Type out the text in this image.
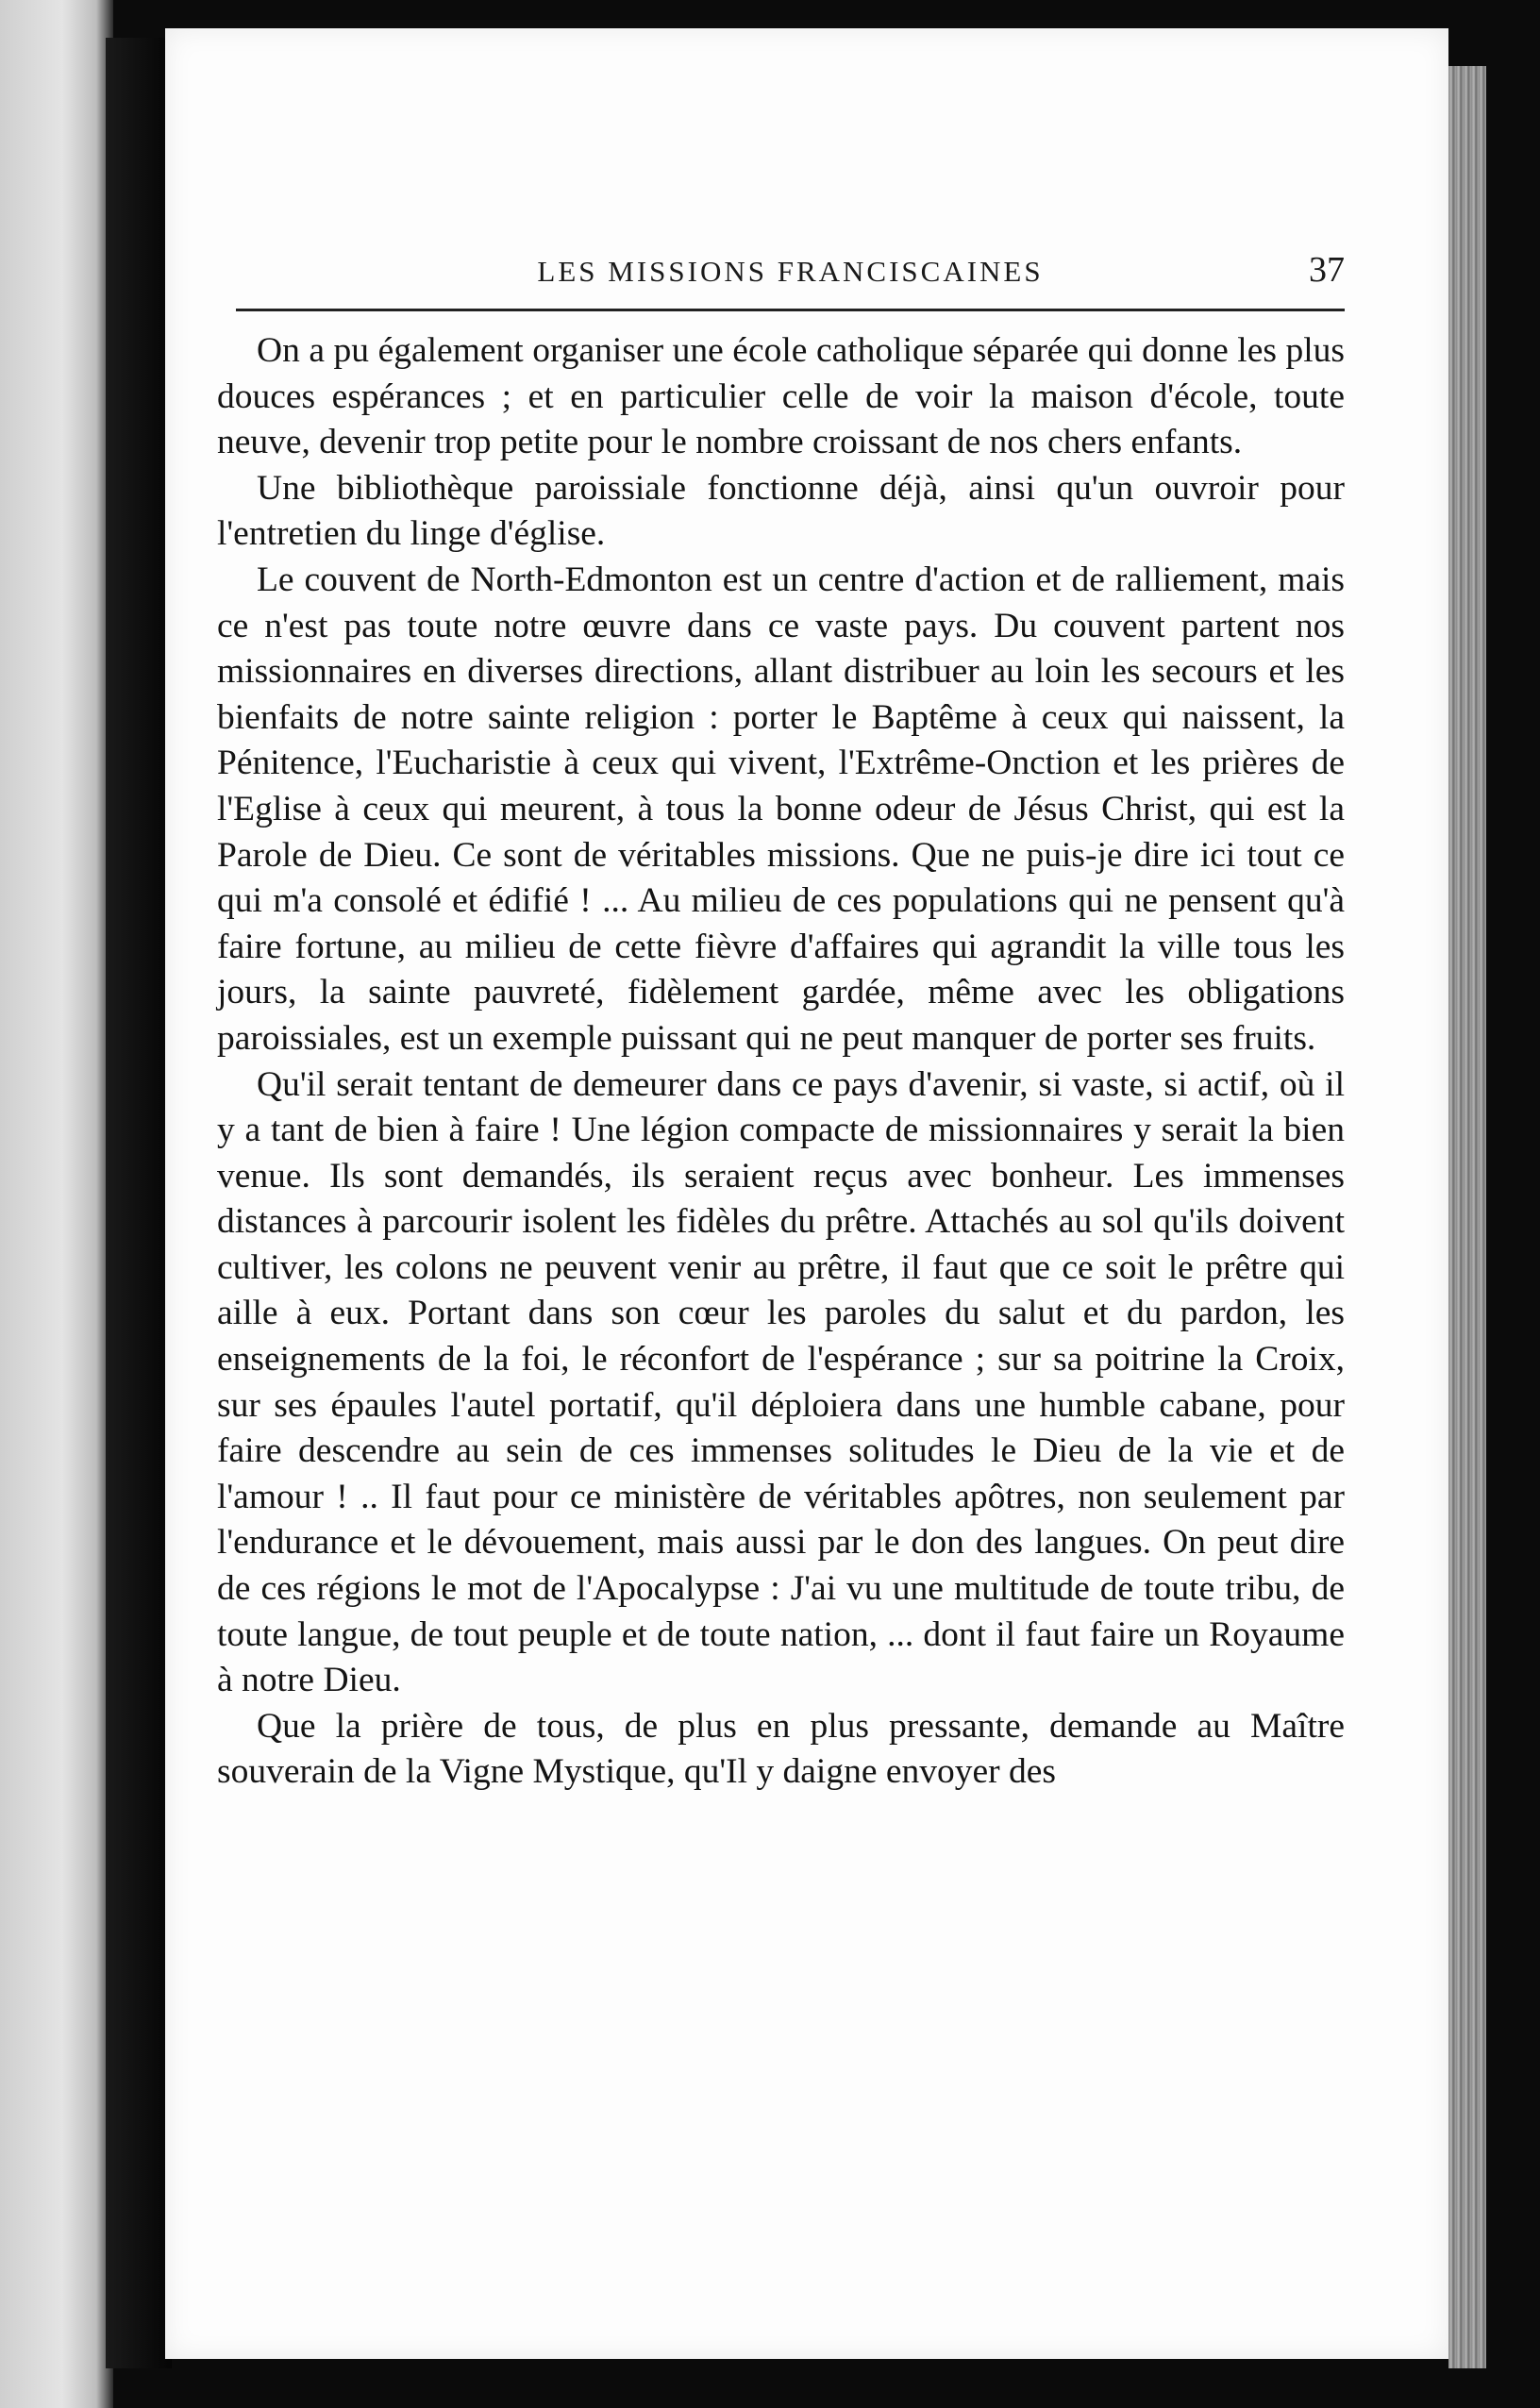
LES MISSIONS FRANCISCAINES	37

On a pu également organiser une école catholique séparée qui donne les plus douces espérances ; et en particulier celle de voir la maison d'école, toute neuve, devenir trop petite pour le nombre croissant de nos chers enfants.

Une bibliothèque paroissiale fonctionne déjà, ainsi qu'un ouvroir pour l'entretien du linge d'église.

Le couvent de North-Edmonton est un centre d'action et de ralliement, mais ce n'est pas toute notre œuvre dans ce vaste pays. Du couvent partent nos missionnaires en diverses directions, allant distribuer au loin les secours et les bienfaits de notre sainte religion : porter le Baptême à ceux qui naissent, la Pénitence, l'Eucharistie à ceux qui vivent, l'Extrême-Onction et les prières de l'Eglise à ceux qui meurent, à tous la bonne odeur de Jésus Christ, qui est la Parole de Dieu. Ce sont de véritables missions. Que ne puis-je dire ici tout ce qui m'a consolé et édifié ! ... Au milieu de ces populations qui ne pensent qu'à faire fortune, au milieu de cette fièvre d'affaires qui agrandit la ville tous les jours, la sainte pauvreté, fidèlement gardée, même avec les obligations paroissiales, est un exemple puissant qui ne peut manquer de porter ses fruits.

Qu'il serait tentant de demeurer dans ce pays d'avenir, si vaste, si actif, où il y a tant de bien à faire ! Une légion compacte de missionnaires y serait la bien venue. Ils sont demandés, ils seraient reçus avec bonheur. Les immenses distances à parcourir isolent les fidèles du prêtre. Attachés au sol qu'ils doivent cultiver, les colons ne peuvent venir au prêtre, il faut que ce soit le prêtre qui aille à eux. Portant dans son cœur les paroles du salut et du pardon, les enseignements de la foi, le réconfort de l'espérance ; sur sa poitrine la Croix, sur ses épaules l'autel portatif, qu'il déploiera dans une humble cabane, pour faire descendre au sein de ces immenses solitudes le Dieu de la vie et de l'amour ! .. Il faut pour ce ministère de véritables apôtres, non seulement par l'endurance et le dévouement, mais aussi par le don des langues. On peut dire de ces régions le mot de l'Apocalypse : J'ai vu une multitude de toute tribu, de toute langue, de tout peuple et de toute nation, ... dont il faut faire un Royaume à notre Dieu.

Que la prière de tous, de plus en plus pressante, demande au Maître souverain de la Vigne Mystique, qu'Il y daigne envoyer des
